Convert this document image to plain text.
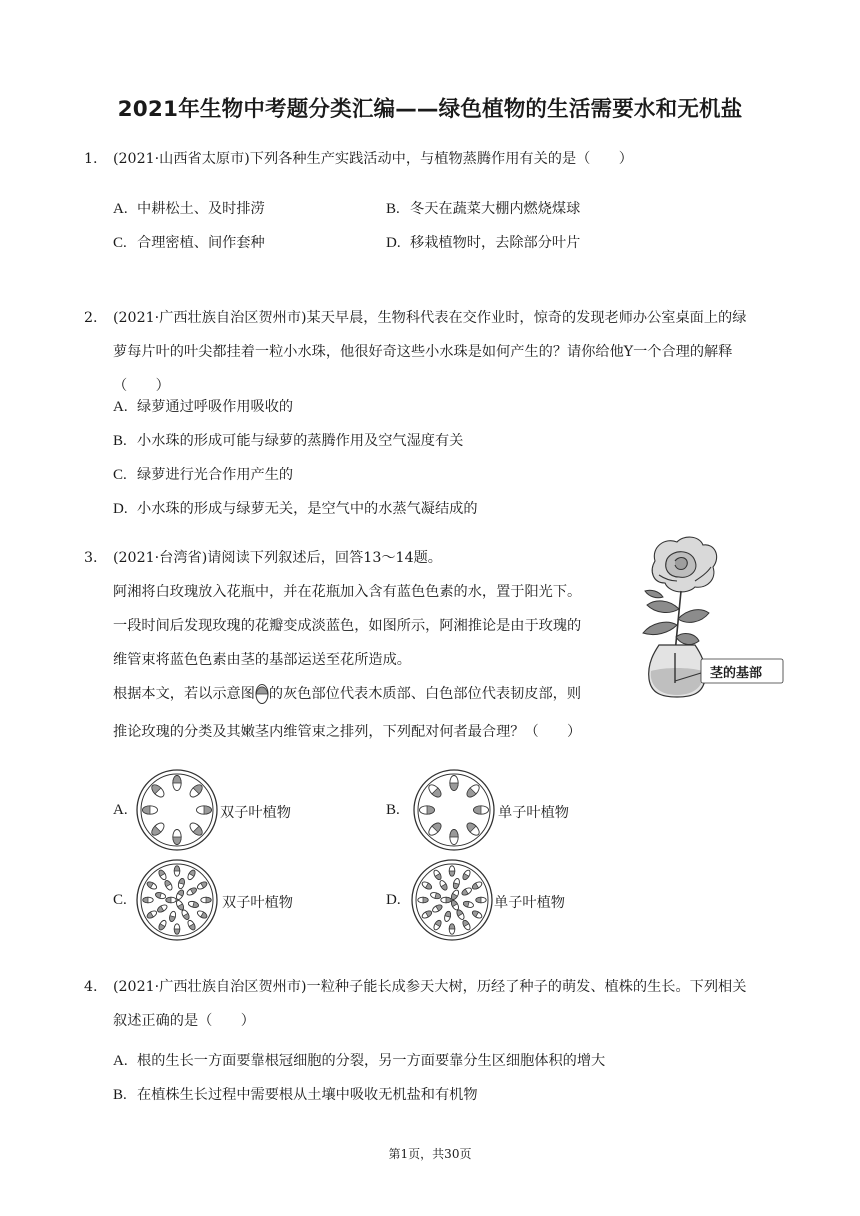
2021年生物中考题分类汇编——绿色植物的生活需要水和无机盐
1. (2021·山西省太原市)下列各种生产实践活动中，与植物蒸腾作用有关的是（　　）

A. 中耕松土、及时排涝	B. 冬天在蔬菜大棚内燃烧煤球
C. 合理密植、间作套种	D. 移栽植物时，去除部分叶片
2. (2021·广西壮族自治区贺州市)某天早晨，生物科代表在交作业时，惊奇的发现老师办公室桌面上的绿

萝每片叶的叶尖都挂着一粒小水珠，他很好奇这些小水珠是如何产生的？请你给他Y一个合理的解释

（　　）

A. 绿萝通过呼吸作用吸收的
B. 小水珠的形成可能与绿萝的蒸腾作用及空气湿度有关
C. 绿萝进行光合作用产生的
D. 小水珠的形成与绿萝无关，是空气中的水蒸气凝结成的
3. (2021·台湾省)请阅读下列叙述后，回答13～14题。

阿湘将白玫瑰放入花瓶中，并在花瓶加入含有蓝色色素的水，置于阳光下。

一段时间后发现玫瑰的花瓣变成淡蓝色，如图所示，阿湘推论是由于玫瑰的

维管束将蓝色色素由茎的基部运送至花所造成。

根据本文，若以示意图 的灰色部位代表木质部、白色部位代表韧皮部，则

推论玫瑰的分类及其嫩茎内维管束之排列，下列配对何者最合理？（　　）

茎的基部
A.	双子叶植物	B.	单子叶植物
C.	双子叶植物	D.	单子叶植物
4. (2021·广西壮族自治区贺州市)一粒种子能长成参天大树，历经了种子的萌发、植株的生长。下列相关

叙述正确的是（　　）

A. 根的生长一方面要靠根冠细胞的分裂，另一方面要靠分生区细胞体积的增大
B. 在植株生长过程中需要根从土壤中吸收无机盐和有机物
第1页，共30页
